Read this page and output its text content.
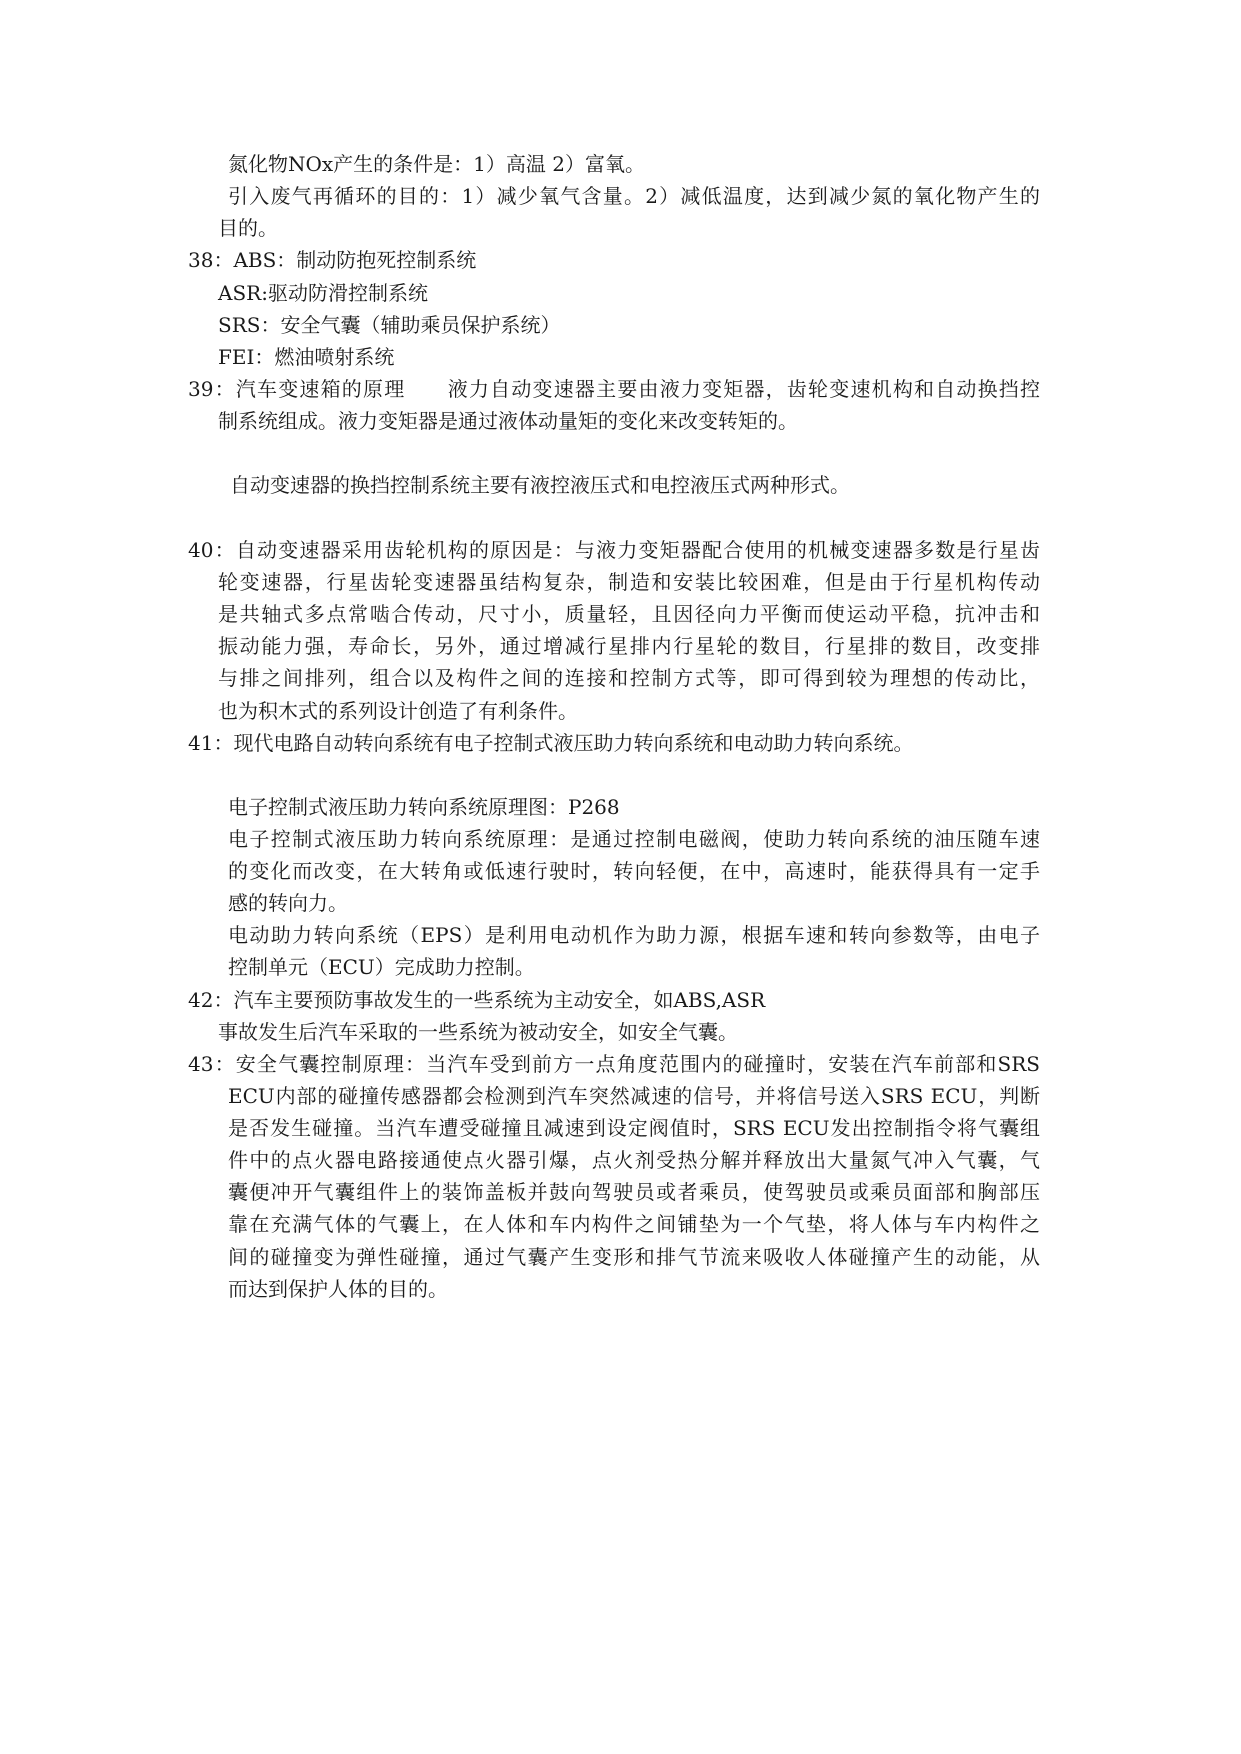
氮化物NOx产生的条件是：1）高温 2）富氧。

引入废气再循环的目的：1）减少氧气含量。2）减低温度，达到减少氮的氧化物产生的

目的。

38：ABS：制动防抱死控制系统

ASR:驱动防滑控制系统

SRS：安全气囊（辅助乘员保护系统）

FEI：燃油喷射系统

39：汽车变速箱的原理　　液力自动变速器主要由液力变矩器，齿轮变速机构和自动换挡控

制系统组成。液力变矩器是通过液体动量矩的变化来改变转矩的。

自动变速器的换挡控制系统主要有液控液压式和电控液压式两种形式。

40：自动变速器采用齿轮机构的原因是：与液力变矩器配合使用的机械变速器多数是行星齿

轮变速器，行星齿轮变速器虽结构复杂，制造和安装比较困难，但是由于行星机构传动

是共轴式多点常啮合传动，尺寸小，质量轻，且因径向力平衡而使运动平稳，抗冲击和

振动能力强，寿命长，另外，通过增减行星排内行星轮的数目，行星排的数目，改变排

与排之间排列，组合以及构件之间的连接和控制方式等，即可得到较为理想的传动比，

也为积木式的系列设计创造了有利条件。

41：现代电路自动转向系统有电子控制式液压助力转向系统和电动助力转向系统。

电子控制式液压助力转向系统原理图：P268

电子控制式液压助力转向系统原理：是通过控制电磁阀，使助力转向系统的油压随车速

的变化而改变，在大转角或低速行驶时，转向轻便，在中，高速时，能获得具有一定手

感的转向力。

电动助力转向系统（EPS）是利用电动机作为助力源，根据车速和转向参数等，由电子

控制单元（ECU）完成助力控制。

42：汽车主要预防事故发生的一些系统为主动安全，如ABS,ASR

事故发生后汽车采取的一些系统为被动安全，如安全气囊。

43：安全气囊控制原理：当汽车受到前方一点角度范围内的碰撞时，安装在汽车前部和SRS

ECU内部的碰撞传感器都会检测到汽车突然减速的信号，并将信号送入SRS ECU，判断

是否发生碰撞。当汽车遭受碰撞且减速到设定阀值时，SRS ECU发出控制指令将气囊组

件中的点火器电路接通使点火器引爆，点火剂受热分解并释放出大量氮气冲入气囊，气

囊便冲开气囊组件上的装饰盖板并鼓向驾驶员或者乘员，使驾驶员或乘员面部和胸部压

靠在充满气体的气囊上，在人体和车内构件之间铺垫为一个气垫，将人体与车内构件之

间的碰撞变为弹性碰撞，通过气囊产生变形和排气节流来吸收人体碰撞产生的动能，从

而达到保护人体的目的。
